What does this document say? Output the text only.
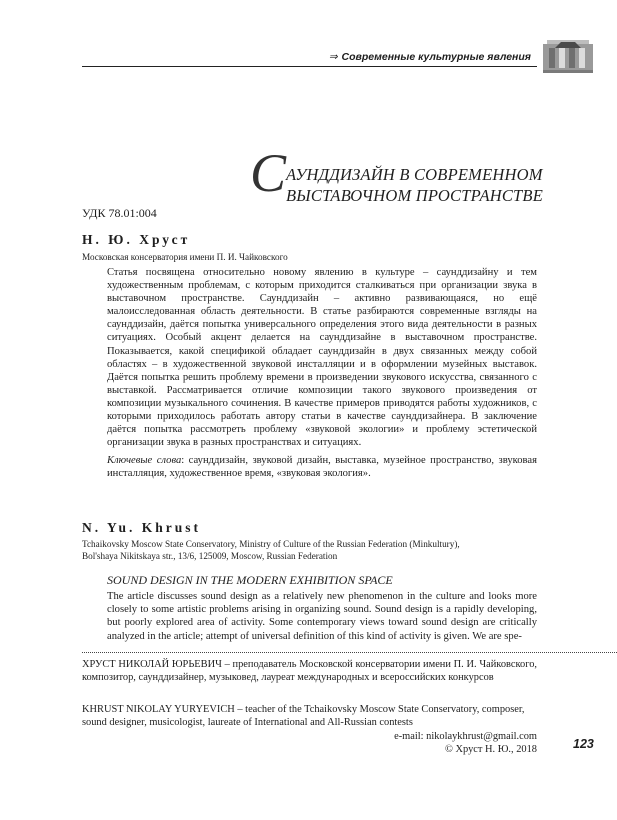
⇒ Современные культурные явления
С АУНДДИЗАЙН В СОВРЕМЕННОМ
ВЫСТАВОЧНОМ ПРОСТРАНСТВЕ
УДК 78.01:004
Н. Ю. Хруст
Московская консерватория имени П. И. Чайковского

Статья посвящена относительно новому явлению в культуре – саунддизайну и тем художественным проблемам, с которым приходится сталкиваться при организации звука в выставочном пространстве. Саунддизайн – активно развивающаяся, но ещё малоисследованная область деятельности. В статье разбираются современные взгляды на саунддизайн, даётся попытка универсального определения этого вида деятельности в разных ситуациях. Особый акцент делается на саунддизайне в выставочном пространстве. Показывается, какой спецификой обладает саунддизайн в двух связанных между собой областях – в художественной звуковой инсталляции и в оформлении музейных выставок. Даётся попытка решить проблему времени в произведении звукового искусства, связанного с выставкой. Рассматривается отличие композиции такого звукового произведения от композиции музыкального сочинения. В качестве примеров приводятся работы художников, с которыми приходилось работать автору статьи в качестве саунддизайнера. В заключение даётся попытка рассмотреть проблему «звуковой экологии» и проблему эстетической организации звука в разных пространствах и ситуациях.

Ключевые слова: саунддизайн, звуковой дизайн, выставка, музейное пространство, звуковая инсталляция, художественное время, «звуковая экология».

N. Yu. Khrust

Tchaikovsky Moscow State Conservatory, Ministry of Culture of the Russian Federation (Minkultury),
Bol'shaya Nikitskaya str., 13/6, 125009, Moscow, Russian Federation

SOUND DESIGN IN THE MODERN EXHIBITION SPACE

The article discusses sound design as a relatively new phenomenon in the culture and looks more closely to some artistic problems arising in organizing sound. Sound design is a rapidly developing, but poorly explored area of activity. Some contemporary views toward sound design are critically analyzed in the article; attempt of universal definition of this kind of activity is given. We are spe-

ХРУСТ НИКОЛАЙ ЮРЬЕВИЧ – преподаватель Московской консерватории имени П. И. Чайковского, композитор, саунддизайнер, музыковед, лауреат международных и всероссийских конкурсов

KHRUST NIKOLAY YURYEVICH – teacher of the Tchaikovsky Moscow State Conservatory, composer, sound designer, musicologist, laureate of International and All-Russian contests

e-mail: nikolaykhrust@gmail.com
© Хруст Н. Ю., 2018	123
